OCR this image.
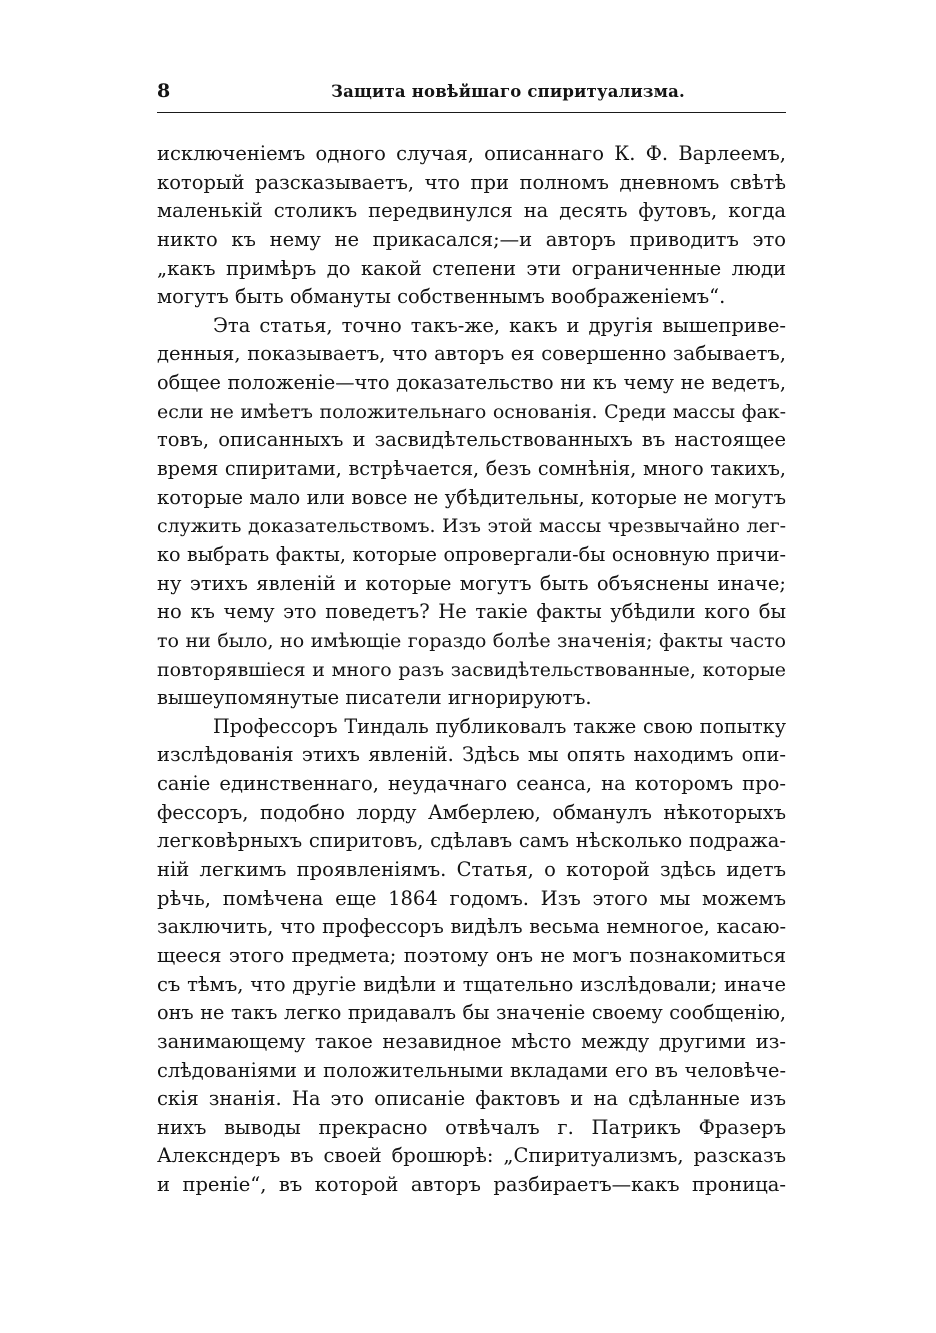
8	Защита новѣйшаго спиритуализма.
исключеніемъ одного случая, описаннаго К. Ф. Варлеемъ,
который разсказываетъ, что при полномъ дневномъ свѣтѣ
маленькій столикъ передвинулся на десять футовъ, когда
никто къ нему не прикасался;—и авторъ приводитъ это
„какъ примѣръ до какой степени эти ограниченные люди
могутъ быть обмануты собственнымъ воображеніемъ“.
Эта статья, точно такъ-же, какъ и другія вышеприве-
денныя, показываетъ, что авторъ ея совершенно забываетъ,
общее положеніе—что доказательство ни къ чему не ведетъ,
если не имѣетъ положительнаго основанія. Среди массы фак-
товъ, описанныхъ и засвидѣтельствованныхъ въ настоящее
время спиритами, встрѣчается, безъ сомнѣнія, много такихъ,
которые мало или вовсе не убѣдительны, которые не могутъ
служить доказательствомъ. Изъ этой массы чрезвычайно лег-
ко выбрать факты, которые опровергали-бы основную причи-
ну этихъ явленій и которые могутъ быть объяснены иначе;
но къ чему это поведетъ? Не такіе факты убѣдили кого бы
то ни было, но имѣющіе гораздо болѣе значенія; факты часто
повторявшіеся и много разъ засвидѣтельствованные, которые
вышеупомянутые писатели игнорируютъ.
Профессоръ Тиндаль публиковалъ также свою попытку
изслѣдованія этихъ явленій. Здѣсь мы опять находимъ опи-
саніе единственнаго, неудачнаго сеанса, на которомъ про-
фессоръ, подобно лорду Амберлею, обманулъ нѣкоторыхъ
легковѣрныхъ спиритовъ, сдѣлавъ самъ нѣсколько подража-
ній легкимъ проявленіямъ. Статья, о которой здѣсь идетъ
рѣчь, помѣчена еще 1864 годомъ. Изъ этого мы можемъ
заключить, что профессоръ видѣлъ весьма немногое, касаю-
щееся этого предмета; поэтому онъ не могъ познакомиться
съ тѣмъ, что другіе видѣли и тщательно изслѣдовали; иначе
онъ не такъ легко придавалъ бы значеніе своему сообщенію,
занимающему такое незавидное мѣсто между другими из-
слѣдованіями и положительными вкладами его въ человѣче-
скія знанія. На это описаніе фактовъ и на сдѣланные изъ
нихъ выводы прекрасно отвѣчалъ г. Патрикъ Фразеръ
Алексндеръ въ своей брошюрѣ: „Спиритуализмъ, разсказъ
и преніе“, въ которой авторъ разбираетъ—какъ проница-
